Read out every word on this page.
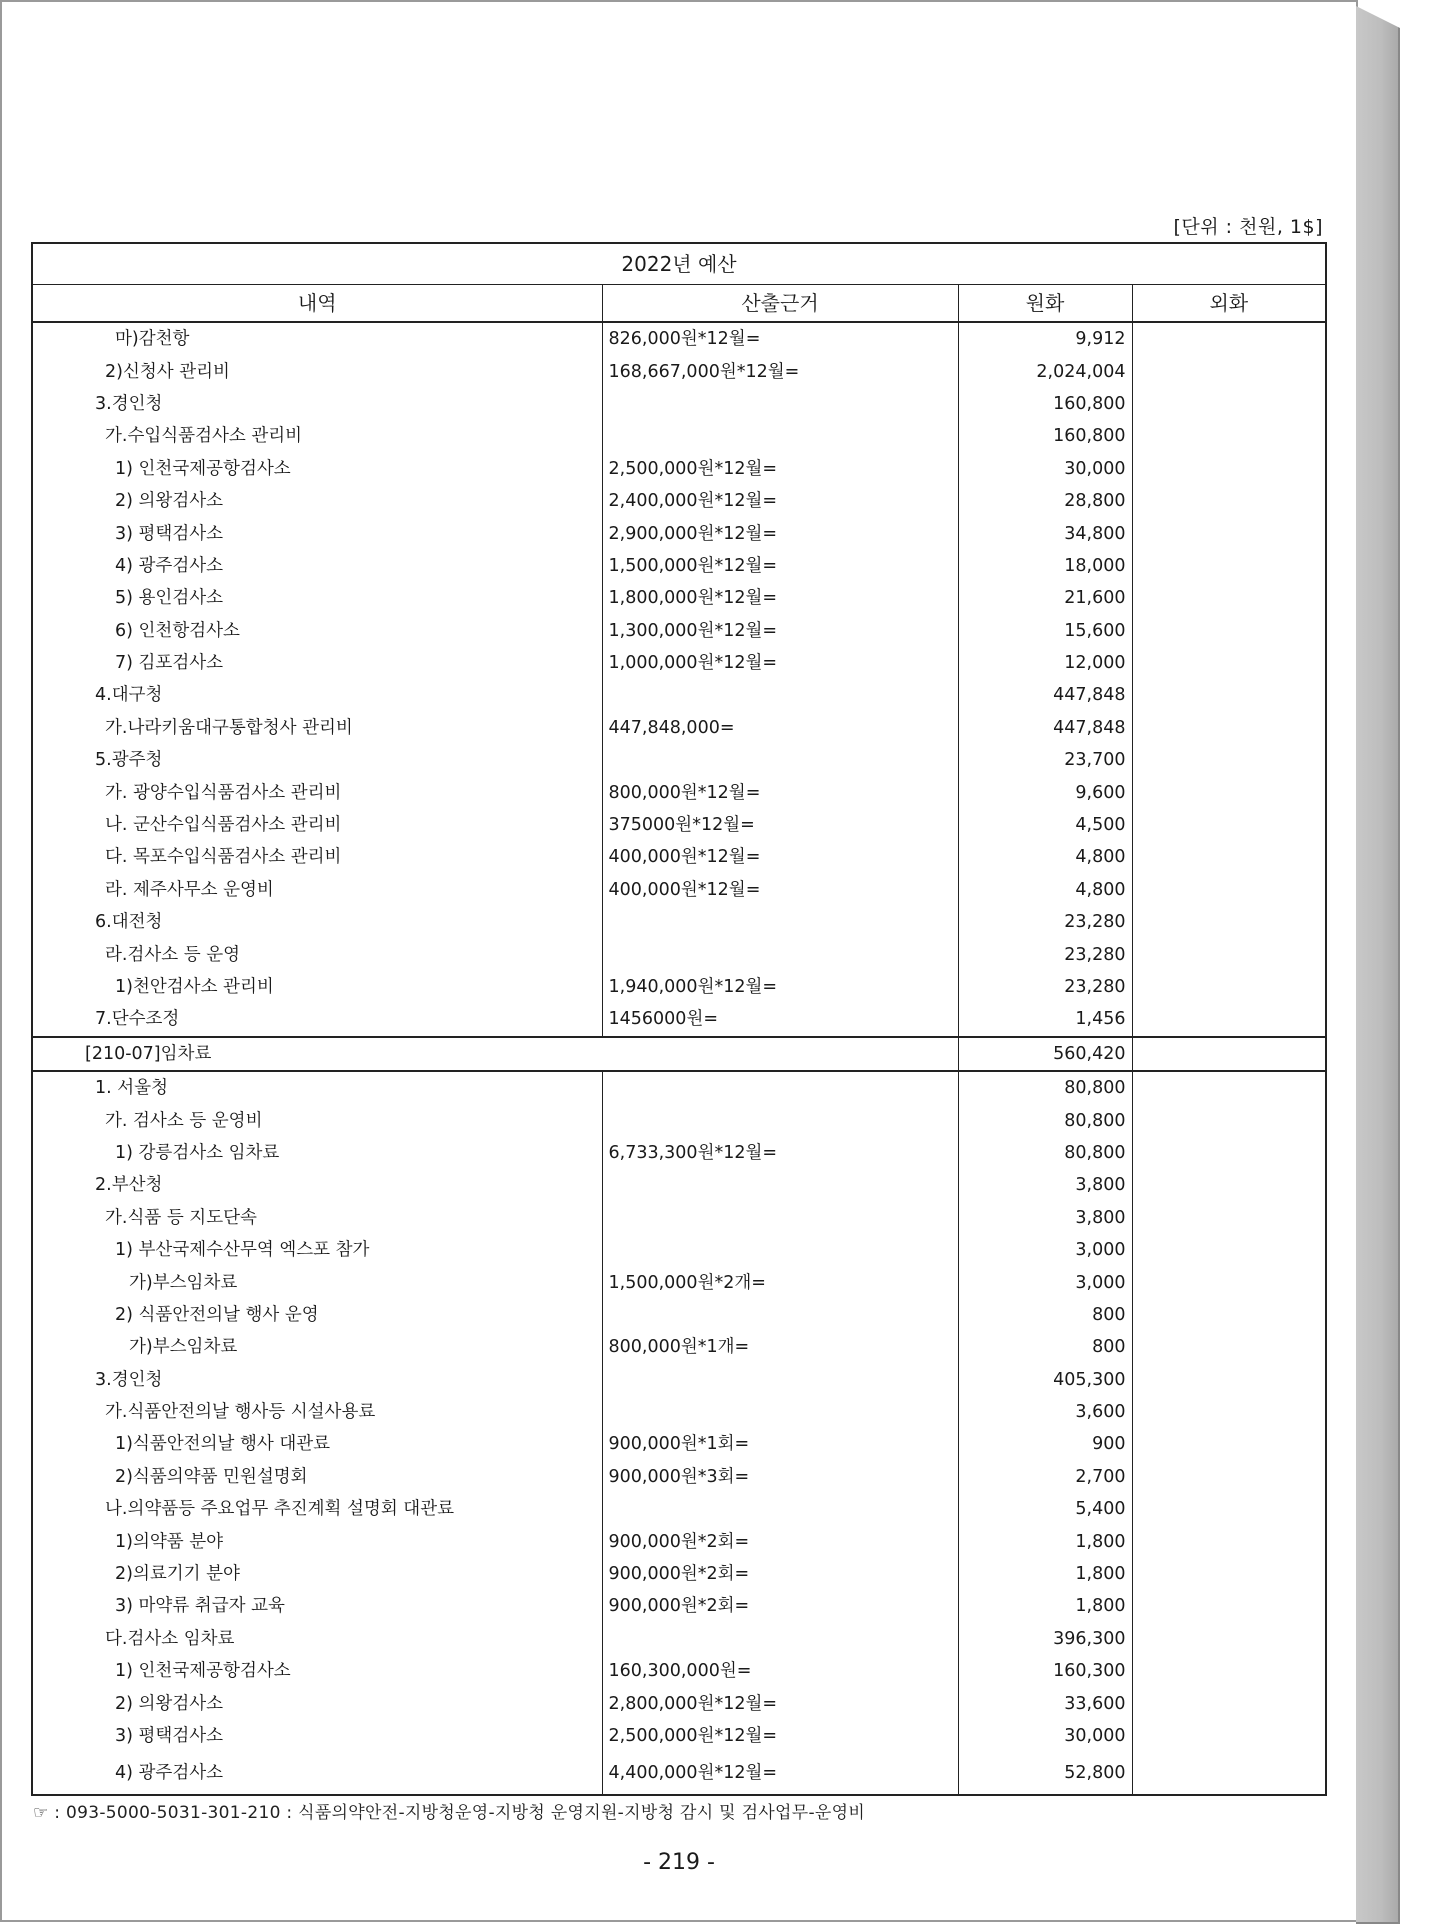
[단위 : 천원, 1$]
2022년 예산			
내역	산출근거	원화	외화
마)감천항	826,000원*12월=	9,912	
2)신청사 관리비	168,667,000원*12월=	2,024,004	
3.경인청		160,800	
가.수입식품검사소 관리비		160,800	
1) 인천국제공항검사소	2,500,000원*12월=	30,000	
2) 의왕검사소	2,400,000원*12월=	28,800	
3) 평택검사소	2,900,000원*12월=	34,800	
4) 광주검사소	1,500,000원*12월=	18,000	
5) 용인검사소	1,800,000원*12월=	21,600	
6) 인천항검사소	1,300,000원*12월=	15,600	
7) 김포검사소	1,000,000원*12월=	12,000	
4.대구청		447,848	
가.나라키움대구통합청사 관리비	447,848,000=	447,848	
5.광주청		23,700	
가. 광양수입식품검사소 관리비	800,000원*12월=	9,600	
나. 군산수입식품검사소 관리비	375000원*12월=	4,500	
다. 목포수입식품검사소 관리비	400,000원*12월=	4,800	
라. 제주사무소 운영비	400,000원*12월=	4,800	
6.대전청		23,280	
라.검사소 등 운영		23,280	
1)천안검사소 관리비	1,940,000원*12월=	23,280	
7.단수조정	1456000원=	1,456	
[210-07]임차료		560,420	
1. 서울청		80,800	
가. 검사소 등 운영비		80,800	
1) 강릉검사소 임차료	6,733,300원*12월=	80,800	
2.부산청		3,800	
가.식품 등 지도단속		3,800	
1) 부산국제수산무역 엑스포 참가		3,000	
가)부스임차료	1,500,000원*2개=	3,000	
2) 식품안전의날 행사 운영		800	
가)부스임차료	800,000원*1개=	800	
3.경인청		405,300	
가.식품안전의날 행사등 시설사용료		3,600	
1)식품안전의날 행사 대관료	900,000원*1회=	900	
2)식품의약품 민원설명회	900,000원*3회=	2,700	
나.의약품등 주요업무 추진계획 설명회 대관료		5,400	
1)의약품 분야	900,000원*2회=	1,800	
2)의료기기 분야	900,000원*2회=	1,800	
3) 마약류 취급자 교육	900,000원*2회=	1,800	
다.검사소 임차료		396,300	
1) 인천국제공항검사소	160,300,000원=	160,300	
2) 의왕검사소	2,800,000원*12월=	33,600	
3) 평택검사소	2,500,000원*12월=	30,000	
4) 광주검사소	4,400,000원*12월=	52,800	
☞ : 093-5000-5031-301-210 : 식품의약안전-지방청운영-지방청 운영지원-지방청 감시 및 검사업무-운영비
- 219 -
